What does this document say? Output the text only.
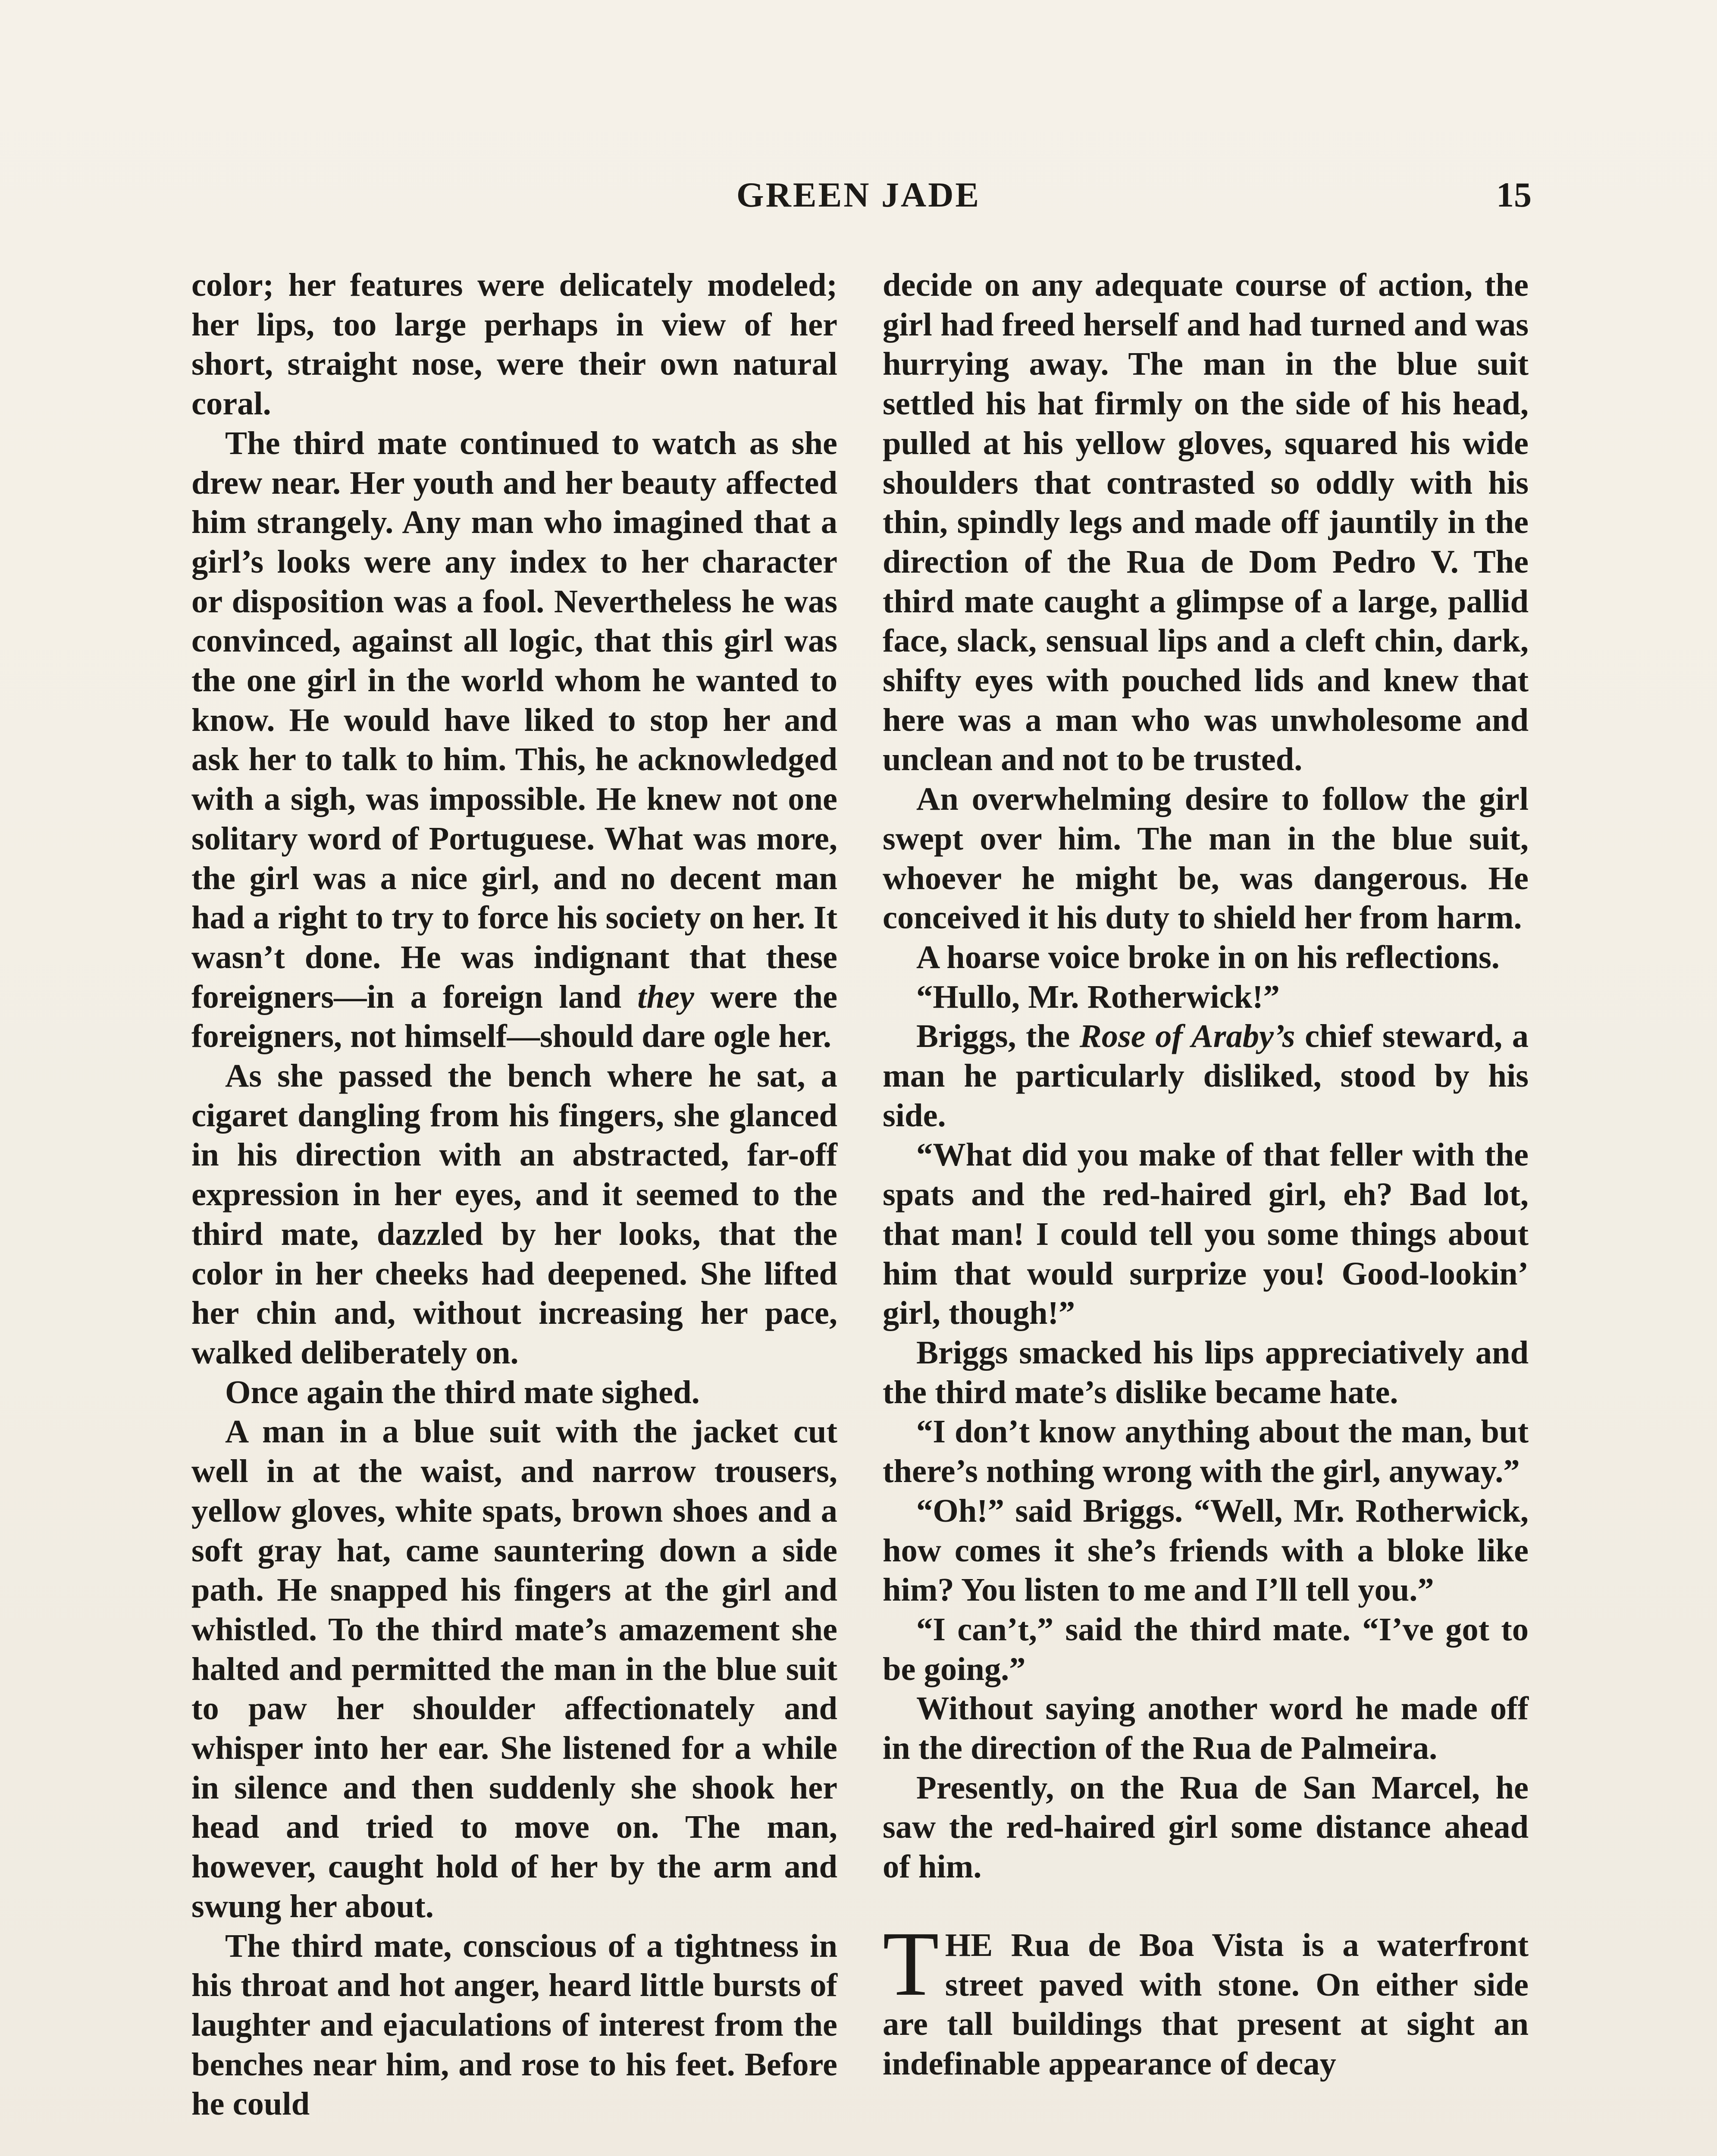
GREEN JADE	15

color; her features were delicately modeled; her lips, too large perhaps in view of her short, straight nose, were their own natural coral.

The third mate continued to watch as she drew near. Her youth and her beauty affected him strangely. Any man who imagined that a girl’s looks were any index to her character or disposition was a fool. Nevertheless he was convinced, against all logic, that this girl was the one girl in the world whom he wanted to know. He would have liked to stop her and ask her to talk to him. This, he acknowledged with a sigh, was impossible. He knew not one solitary word of Portuguese. What was more, the girl was a nice girl, and no decent man had a right to try to force his society on her. It wasn’t done. He was indignant that these foreigners—in a foreign land they were the foreigners, not himself—should dare ogle her.

As she passed the bench where he sat, a cigaret dangling from his fingers, she glanced in his direction with an abstracted, far-off expression in her eyes, and it seemed to the third mate, dazzled by her looks, that the color in her cheeks had deepened. She lifted her chin and, without increasing her pace, walked deliberately on.

Once again the third mate sighed.

A man in a blue suit with the jacket cut well in at the waist, and narrow trousers, yellow gloves, white spats, brown shoes and a soft gray hat, came sauntering down a side path. He snapped his fingers at the girl and whistled. To the third mate’s amazement she halted and permitted the man in the blue suit to paw her shoulder affectionately and whisper into her ear. She listened for a while in silence and then suddenly she shook her head and tried to move on. The man, however, caught hold of her by the arm and swung her about.

The third mate, conscious of a tightness in his throat and hot anger, heard little bursts of laughter and ejaculations of interest from the benches near him, and rose to his feet. Before he could

decide on any adequate course of action, the girl had freed herself and had turned and was hurrying away. The man in the blue suit settled his hat firmly on the side of his head, pulled at his yellow gloves, squared his wide shoulders that contrasted so oddly with his thin, spindly legs and made off jauntily in the direction of the Rua de Dom Pedro V. The third mate caught a glimpse of a large, pallid face, slack, sensual lips and a cleft chin, dark, shifty eyes with pouched lids and knew that here was a man who was unwholesome and unclean and not to be trusted.

An overwhelming desire to follow the girl swept over him. The man in the blue suit, whoever he might be, was dangerous. He conceived it his duty to shield her from harm.

A hoarse voice broke in on his reflections.

“Hullo, Mr. Rotherwick!”

Briggs, the Rose of Araby’s chief steward, a man he particularly disliked, stood by his side.

“What did you make of that feller with the spats and the red-haired girl, eh? Bad lot, that man! I could tell you some things about him that would surprize you! Good-lookin’ girl, though!”

Briggs smacked his lips appreciatively and the third mate’s dislike became hate.

“I don’t know anything about the man, but there’s nothing wrong with the girl, anyway.”

“Oh!” said Briggs. “Well, Mr. Rotherwick, how comes it she’s friends with a bloke like him? You listen to me and I’ll tell you.”

“I can’t,” said the third mate. “I’ve got to be going.”

Without saying another word he made off in the direction of the Rua de Palmeira.

Presently, on the Rua de San Marcel, he saw the red-haired girl some distance ahead of him.

THE Rua de Boa Vista is a waterfront street paved with stone. On either side are tall buildings that present at sight an indefinable appearance of decay
